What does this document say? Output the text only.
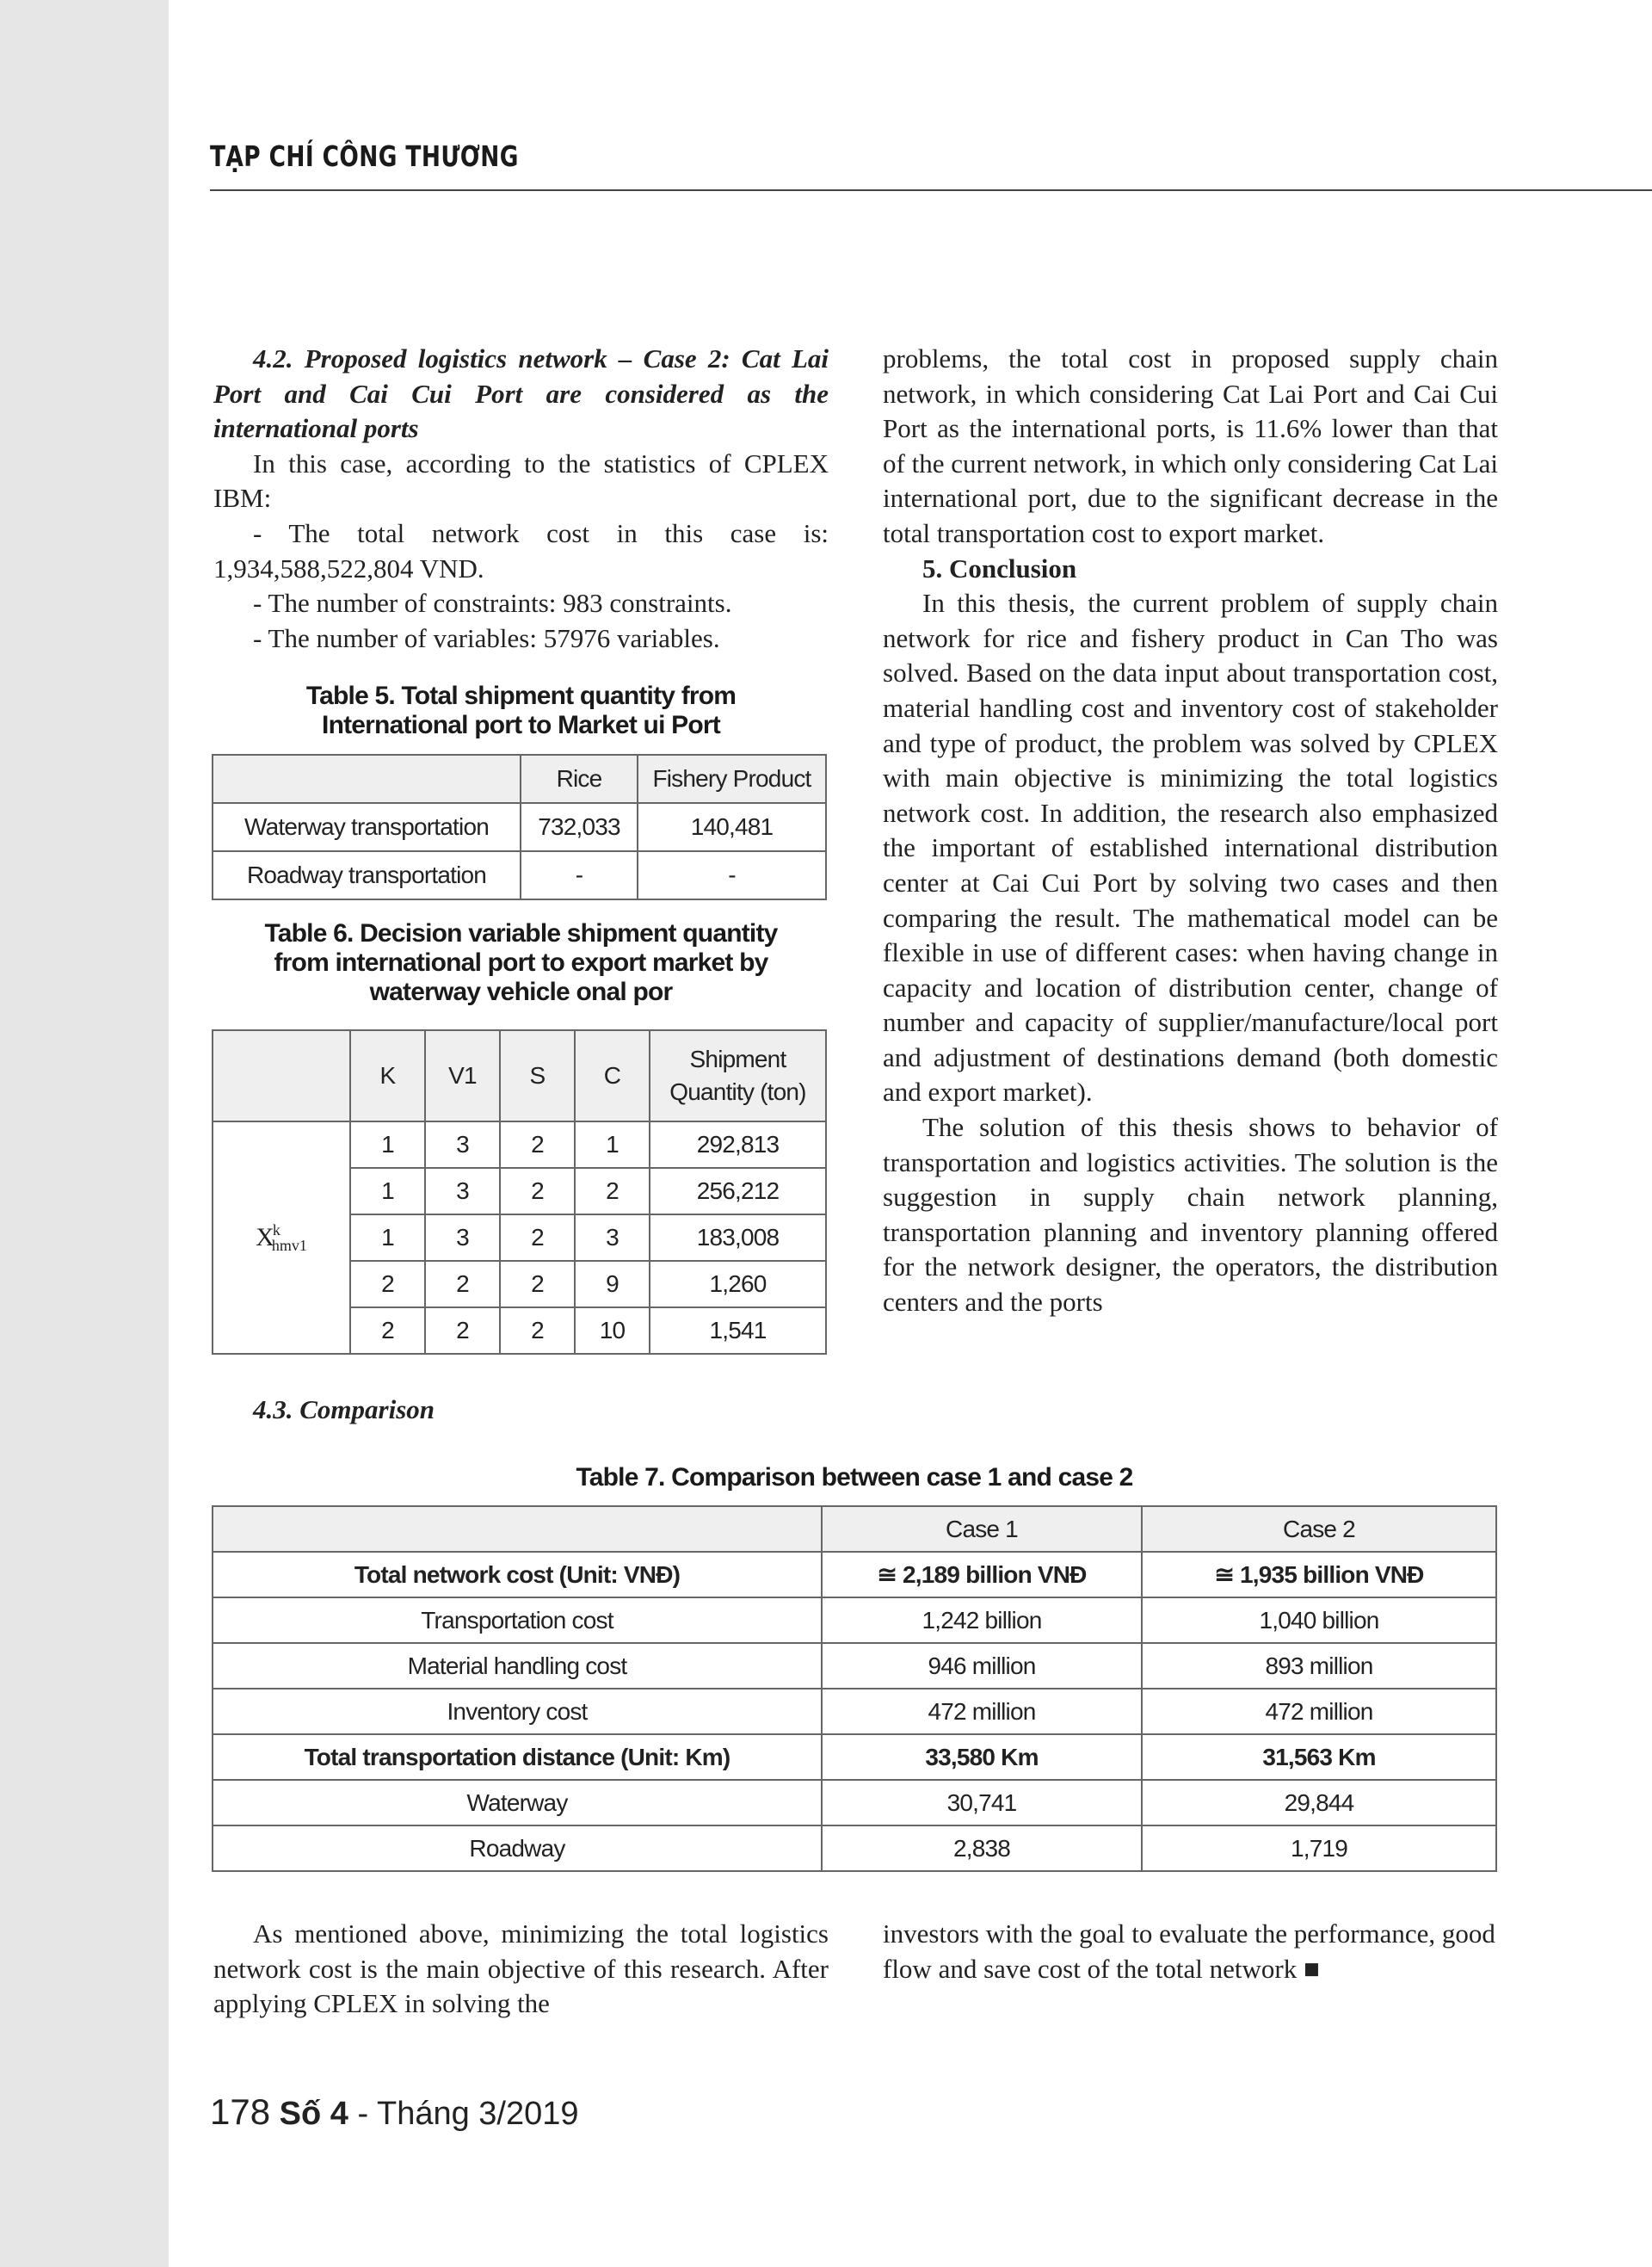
TẠP CHÍ CÔNG THƯƠNG

4.2. Proposed logistics network – Case 2: Cat Lai Port and Cai Cui Port are considered as the international ports

In this case, according to the statistics of CPLEX IBM:

- The total network cost in this case is: 1,934,588,522,804 VND.

- The number of constraints: 983 constraints.

- The number of variables: 57976 variables.

Table 5. Total shipment quantity from
International port to Market ui Port
	Rice	Fishery Product
Waterway transportation	732,033	140,481
Roadway transportation	-	-
Table 6. Decision variable shipment quantity
from international port to export market by
waterway vehicle onal por
	K	V1	S	C	Shipment
Quantity (ton)

$X^k_{hmv1}$	1	3	2	1	292,813
	1	3	2	2	256,212
	1	3	2	3	183,008
	2	2	2	9	1,260
	2	2	2	10	1,541

4.3. Comparison

problems, the total cost in proposed supply chain network, in which considering Cat Lai Port and Cai Cui Port as the international ports, is 11.6% lower than that of the current network, in which only considering Cat Lai international port, due to the significant decrease in the total transportation cost to export market.

5. Conclusion

In this thesis, the current problem of supply chain network for rice and fishery product in Can Tho was solved. Based on the data input about transportation cost, material handling cost and inventory cost of stakeholder and type of product, the problem was solved by CPLEX with main objective is minimizing the total logistics network cost. In addition, the research also emphasized the important of established international distribution center at Cai Cui Port by solving two cases and then comparing the result. The mathematical model can be flexible in use of different cases: when having change in capacity and location of distribution center, change of number and capacity of supplier/manufacture/local port and adjustment of destinations demand (both domestic and export market).

The solution of this thesis shows to behavior of transportation and logistics activities. The solution is the suggestion in supply chain network planning, transportation planning and inventory planning offered for the network designer, the operators, the distribution centers and the ports

Table 7. Comparison between case 1 and case 2
	Case 1	Case 2
Total network cost (Unit: VNĐ)	≅ 2,189 billion VNĐ	≅ 1,935 billion VNĐ
Transportation cost	1,242 billion	1,040 billion
Material handling cost	946 million	893 million
Inventory cost	472 million	472 million
Total transportation distance (Unit: Km)	33,580 Km	31,563 Km
Waterway	30,741	29,844
Roadway	2,838	1,719

As mentioned above, minimizing the total logistics network cost is the main objective of this research. After applying CPLEX in solving the

investors with the goal to evaluate the performance, good flow and save cost of the total network ■

178 Số 4 - Tháng 3/2019
